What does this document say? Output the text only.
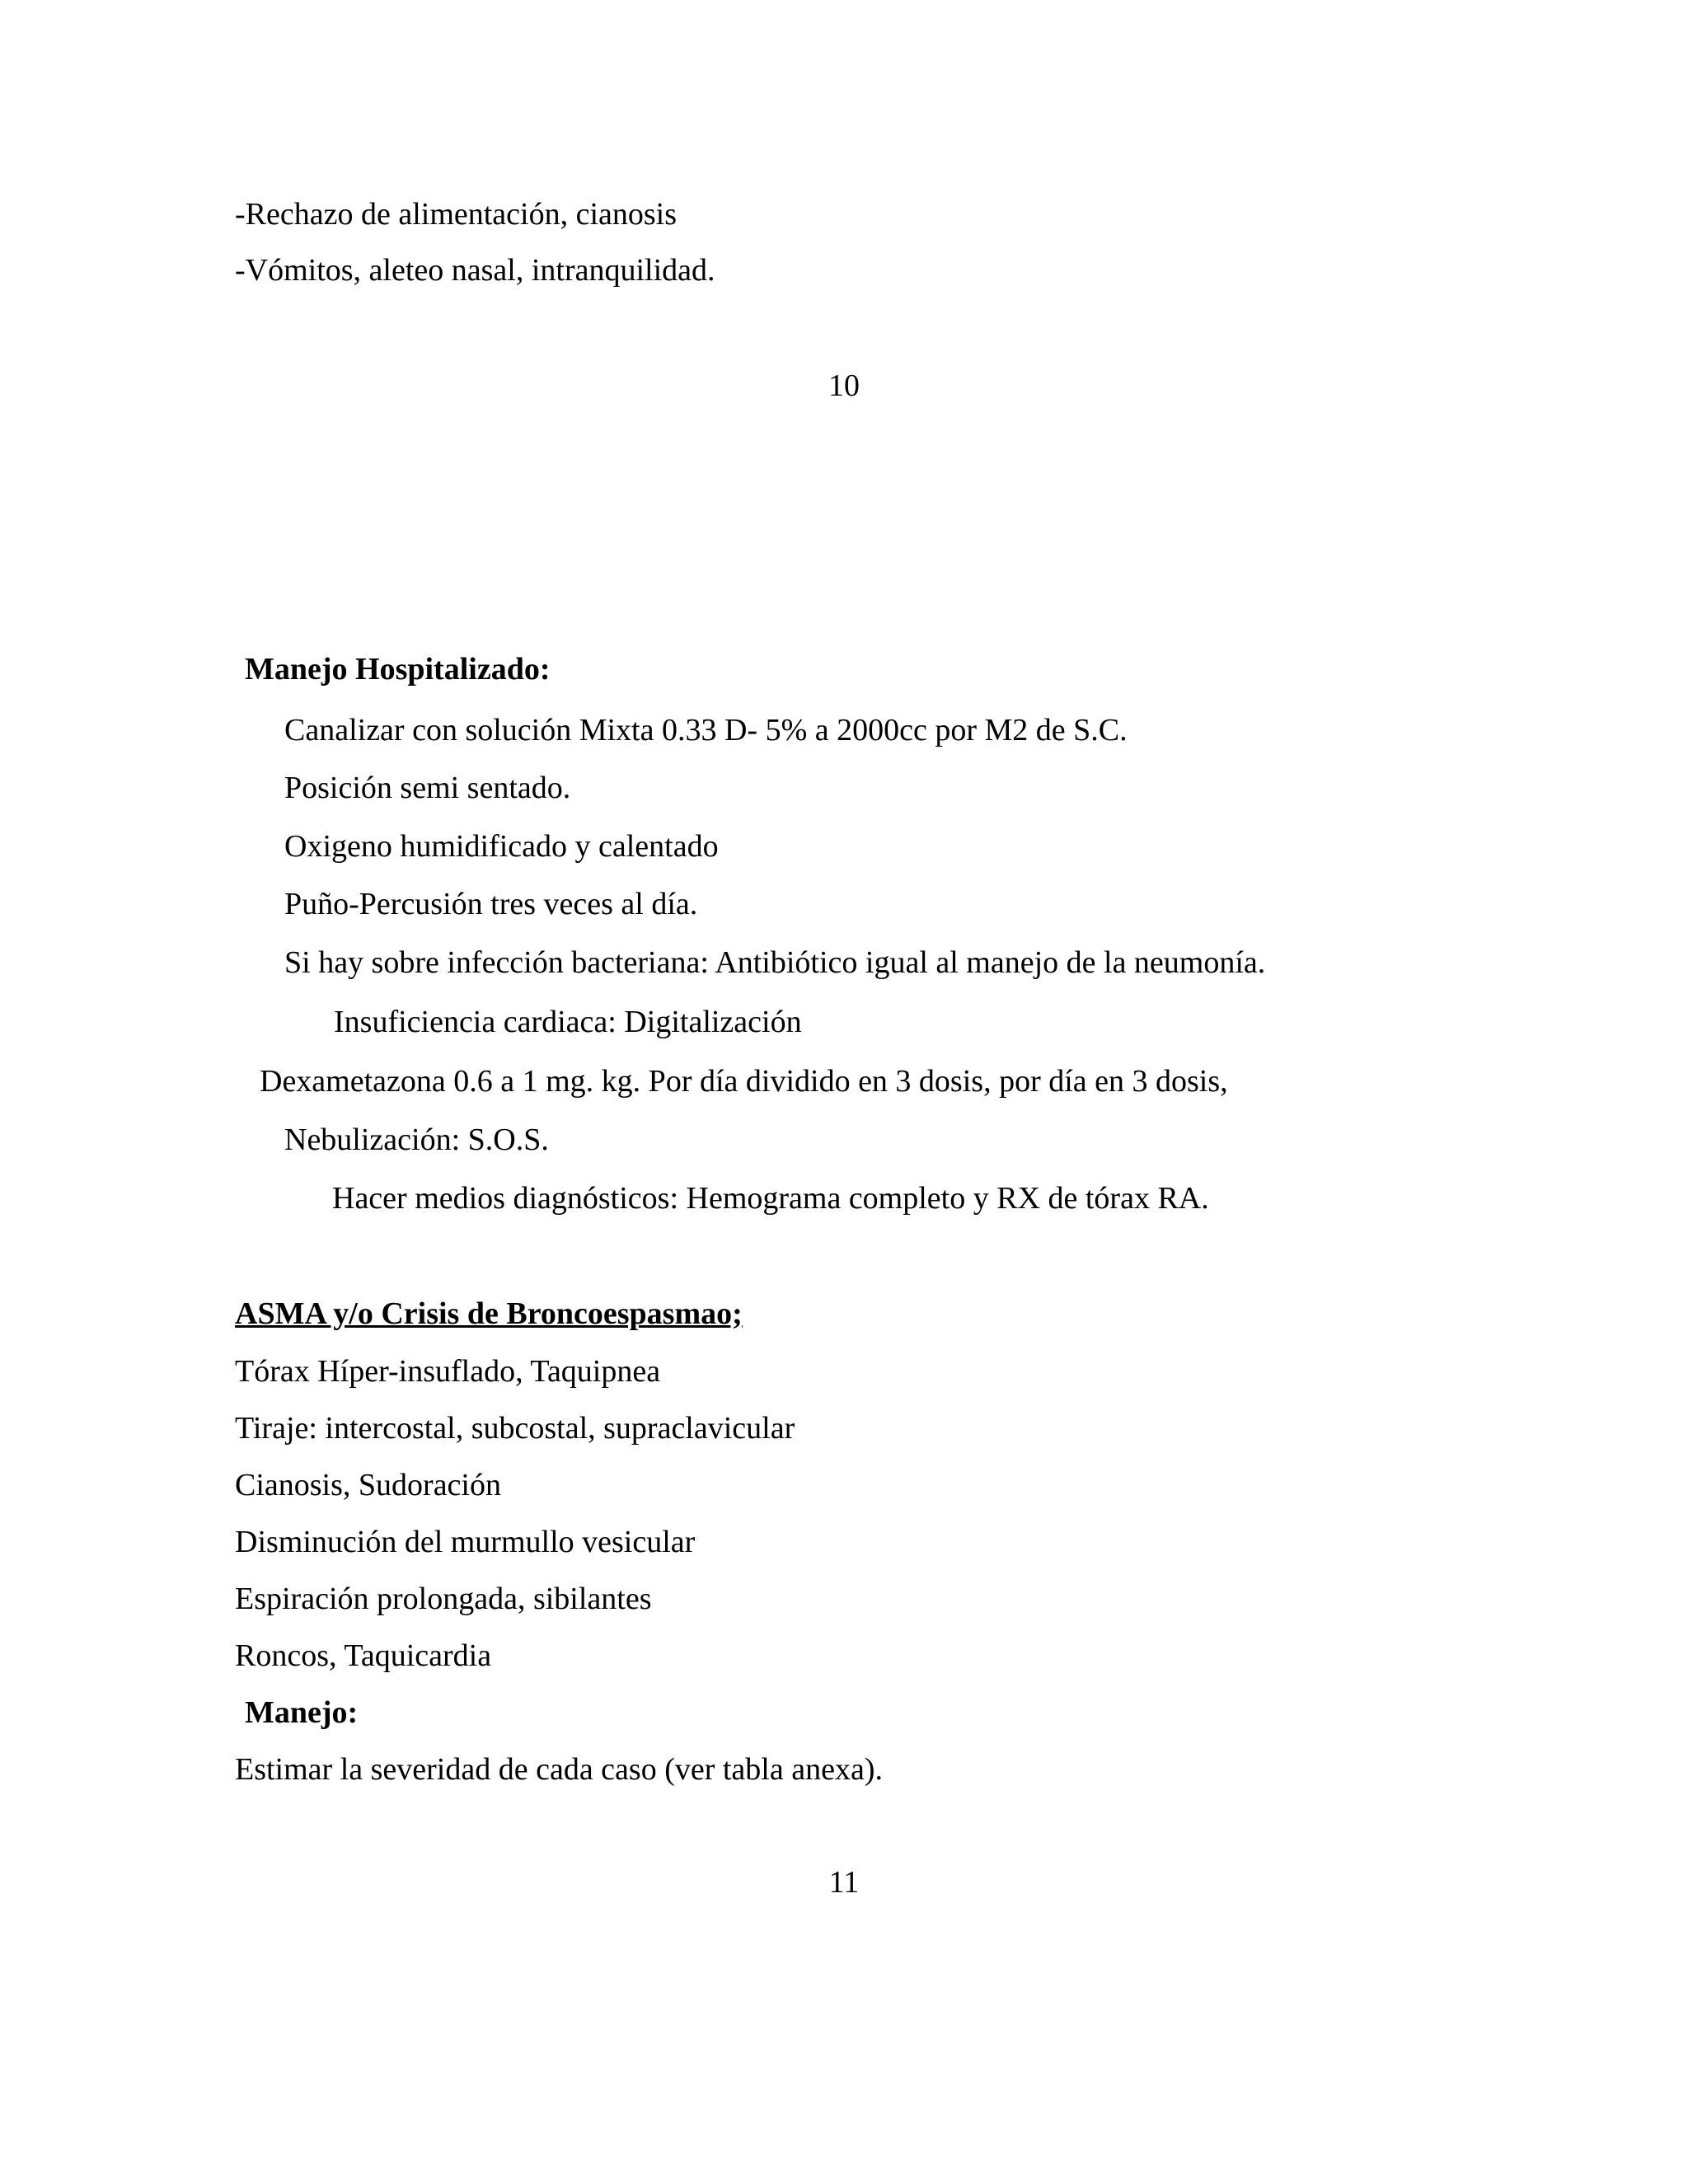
-Rechazo de alimentación, cianosis
-Vómitos, aleteo nasal, intranquilidad.
10
Manejo Hospitalizado:
Canalizar con solución Mixta 0.33 D- 5% a 2000cc por M2 de S.C.
Posición semi sentado.
Oxigeno humidificado y calentado
Puño-Percusión tres veces al día.
Si hay sobre infección bacteriana: Antibiótico igual al manejo de la neumonía.
Insuficiencia cardiaca: Digitalización
Dexametazona 0.6 a 1 mg. kg. Por día dividido en 3 dosis, por día en 3 dosis,
Nebulización: S.O.S.
Hacer medios diagnósticos: Hemograma completo y RX de tórax RA.
ASMA y/o Crisis de Broncoespasmao;
Tórax Híper-insuflado, Taquipnea
Tiraje: intercostal, subcostal, supraclavicular
Cianosis, Sudoración
Disminución del murmullo vesicular
Espiración prolongada, sibilantes
Roncos, Taquicardia
Manejo:
Estimar la severidad de cada caso (ver tabla anexa).
11
